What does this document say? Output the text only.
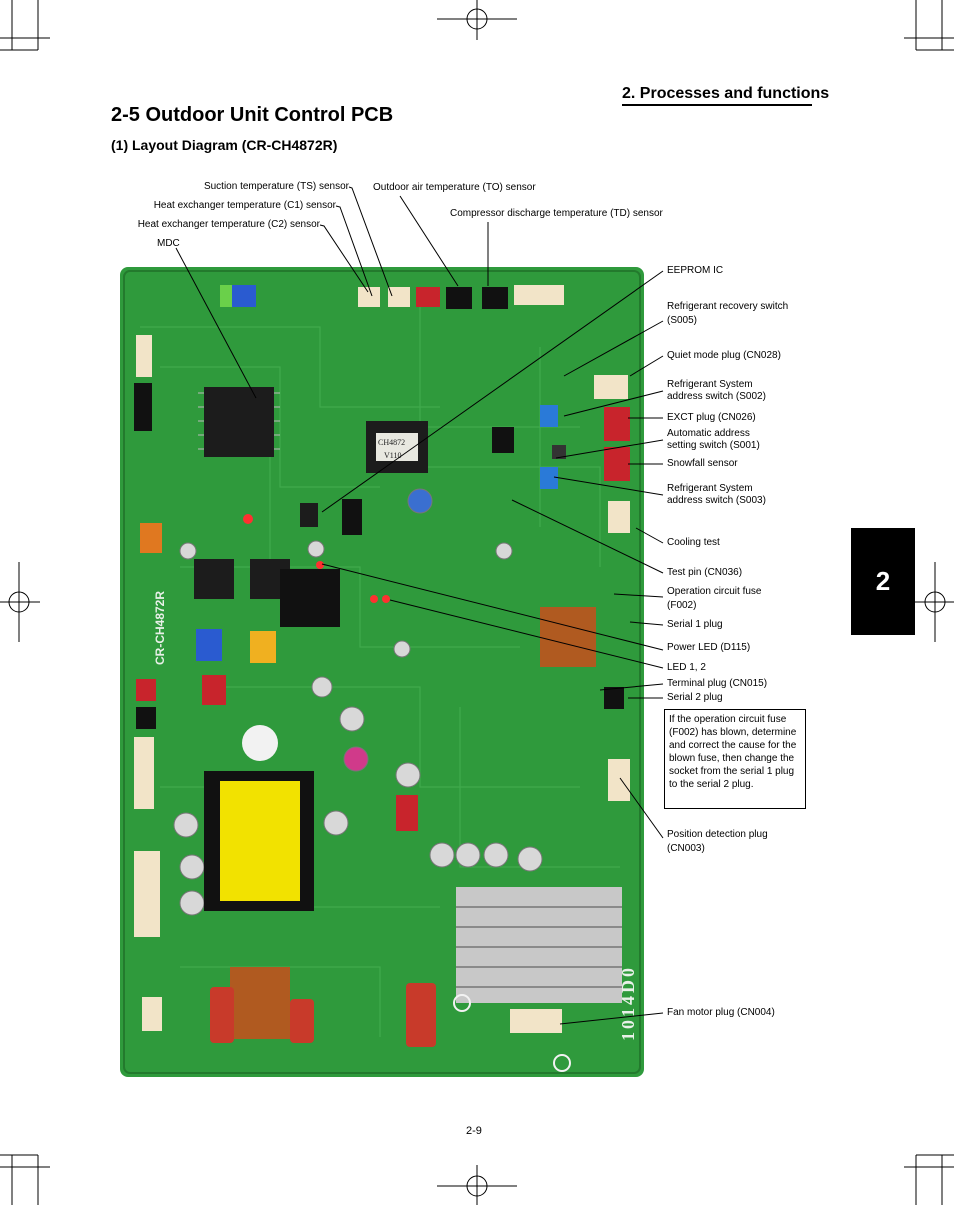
2. Processes and functions
2-5 Outdoor Unit Control PCB
(1) Layout Diagram (CR-CH4872R)
CH4872
V110
CR-CH4872R
1014D0
Suction temperature (TS) sensor
Heat exchanger temperature (C1) sensor
Heat exchanger temperature (C2) sensor
MDC
Outdoor air temperature (TO) sensor
Compressor discharge temperature (TD) sensor
EEPROM IC
Refrigerant recovery switch
(S005)
Quiet mode plug (CN028)
Refrigerant System
address switch (S002)
EXCT plug (CN026)
Automatic address
setting switch (S001)
Snowfall sensor
Refrigerant System
address switch (S003)
Cooling test
Test pin (CN036)
Operation circuit fuse
(F002)
Serial 1 plug
Power LED (D115)
LED 1, 2
Terminal plug (CN015)
Serial 2 plug
Position detection plug
(CN003)
Fan motor plug (CN004)
If the operation circuit fuse (F002) has blown, determine and correct the cause for the blown fuse, then change the socket from the serial 1 plug to the serial 2 plug.
2
2-9
